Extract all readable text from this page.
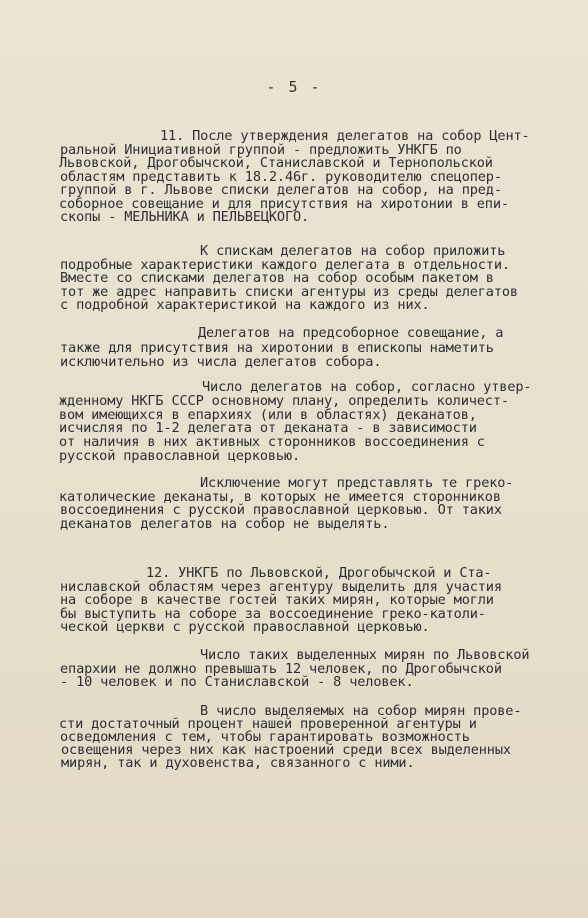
- 5 -
11. После утверждения делегатов на собор Цент-
ральной Инициативной группой - предложить УНКГБ по
Львовской, Дрогобычской, Станиславской и Тернопольской
областям представить к 18.2.46г. руководителю спецопер-
группой в г. Львове списки делегатов на собор, на пред-
соборное совещание и для присутствия на хиротонии в епи-
скопы - МЕЛЬНИКА и ПЕЛЬВЕЦКОГО.
К спискам делегатов на собор приложить
подробные характеристики каждого делегата в отдельности.
Вместе со списками делегатов на собор особым пакетом в
тот же адрес направить списки агентуры из среды делегатов
с подробной характеристикой на каждого из них.
Делегатов на предсоборное совещание, а
также для присутствия на хиротонии в епископы наметить
исключительно из числа делегатов собора.
Число делегатов на собор, согласно утвер-
жденному НКГБ СССР основному плану, определить количест-
вом имеющихся в епархиях (или в областях) деканатов,
исчисляя по 1-2 делегата от деканата - в зависимости
от наличия в них активных сторонников воссоединения с
русской православной церковью.
Исключение могут представлять те греко-
католические деканаты, в которых не имеется сторонников
воссоединения с русской православной церковью. От таких
деканатов делегатов на собор не выделять.
12. УНКГБ по Львовской, Дрогобычской и Ста-
ниславской областям через агентуру выделить для участия
на соборе в качестве гостей таких мирян, которые могли
бы выступить на соборе за воссоединение греко-католи-
ческой церкви с русской православной церковью.
Число таких выделенных мирян по Львовской
епархии не должно превышать 12 человек, по Дрогобычской
- 10 человек и по Станиславской - 8 человек.
В число выделяемых на собор мирян прове-
сти достаточный процент нашей проверенной агентуры и
осведомления с тем, чтобы гарантировать возможность
освещения через них как настроений среди всех выделенных
мирян, так и духовенства, связанного с ними.
